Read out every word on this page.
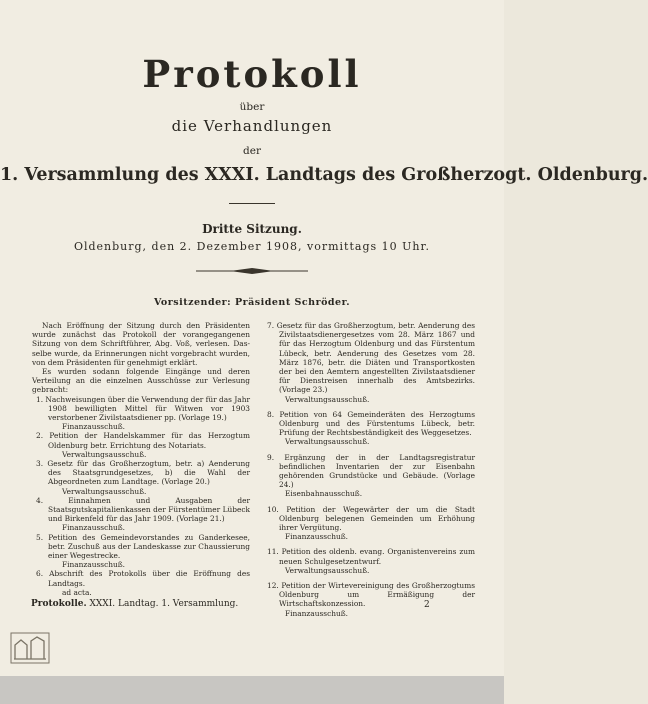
Protokoll
über
die Verhandlungen
der
1. Versammlung des XXXI. Landtags des Großherzogt. Oldenburg.
Dritte Sitzung.
Oldenburg, den 2. Dezember 1908, vormittags 10 Uhr.
Vorsitzender: Präsident Schröder.

Nach Eröffnung der Sitzung durch den Präsidenten wurde zunächst das Protokoll der vorangegangenen Sitzung von dem Schriftführer, Abg. Voß, verlesen. Das-selbe wurde, da Erinnerungen nicht vorgebracht wurden, von dem Präsidenten für genehmigt erklärt.

Es wurden sodann folgende Eingänge und deren Verteilung an die einzelnen Ausschüsse zur Verlesung gebracht:

1. Nachweisungen über die Verwendung der für das Jahr 1908 bewilligten Mittel für Witwen vor 1903 verstorbener Zivilstaatsdiener pp. (Vorlage 19.)

Finanzausschuß.

2. Petition der Handelskammer für das Herzogtum Oldenburg betr. Errichtung des Notariats.

Verwaltungsausschuß.

3. Gesetz für das Großherzogtum, betr. a) Aenderung des Staatsgrundgesetzes, b) die Wahl der Abgeordneten zum Landtage. (Vorlage 20.)

Verwaltungsausschuß.

4. Einnahmen und Ausgaben der Staatsgutskapitalienkassen der Fürstentümer Lübeck und Birkenfeld für das Jahr 1909. (Vorlage 21.)

Finanzausschuß.

5. Petition des Gemeindevorstandes zu Ganderkesee, betr. Zuschuß aus der Landeskasse zur Chaussierung einer Wegestrecke.

Finanzausschuß.

6. Abschrift des Protokolls über die Eröffnung des Landtags.

ad acta.

7. Gesetz für das Großherzogtum, betr. Aenderung des Zivilstaatsdienergesetzes vom 28. März 1867 und für das Herzogtum Oldenburg und das Fürstentum Lübeck, betr. Aenderung des Gesetzes vom 28. März 1876, betr. die Diäten und Transportkosten der bei den Aemtern angestellten Zivilstaatsdiener für Dienstreisen innerhalb des Amtsbezirks. (Vorlage 23.)

Verwaltungsausschuß.

8. Petition von 64 Gemeinderäten des Herzogtums Oldenburg und des Fürstentums Lübeck, betr. Prüfung der Rechtsbeständigkeit des Weggesetzes.

Verwaltungsausschuß.

9. Ergänzung der in der Landtagsregistratur befindlichen Inventarien der zur Eisenbahn gehörenden Grundstücke und Gebäude. (Vorlage 24.)

Eisenbahnausschuß.

10. Petition der Wegewärter der um die Stadt Oldenburg belegenen Gemeinden um Erhöhung ihrer Vergütung.

Finanzausschuß.

11. Petition des oldenb. evang. Organistenvereins zum neuen Schulgesetzentwurf.

Verwaltungsausschuß.

12. Petition der Wirtevereinigung des Großherzogtums Oldenburg um Ermäßigung der Wirtschaftskonzession.

Finanzausschuß.

Protokolle. XXXI. Landtag. 1. Versammlung.	2
